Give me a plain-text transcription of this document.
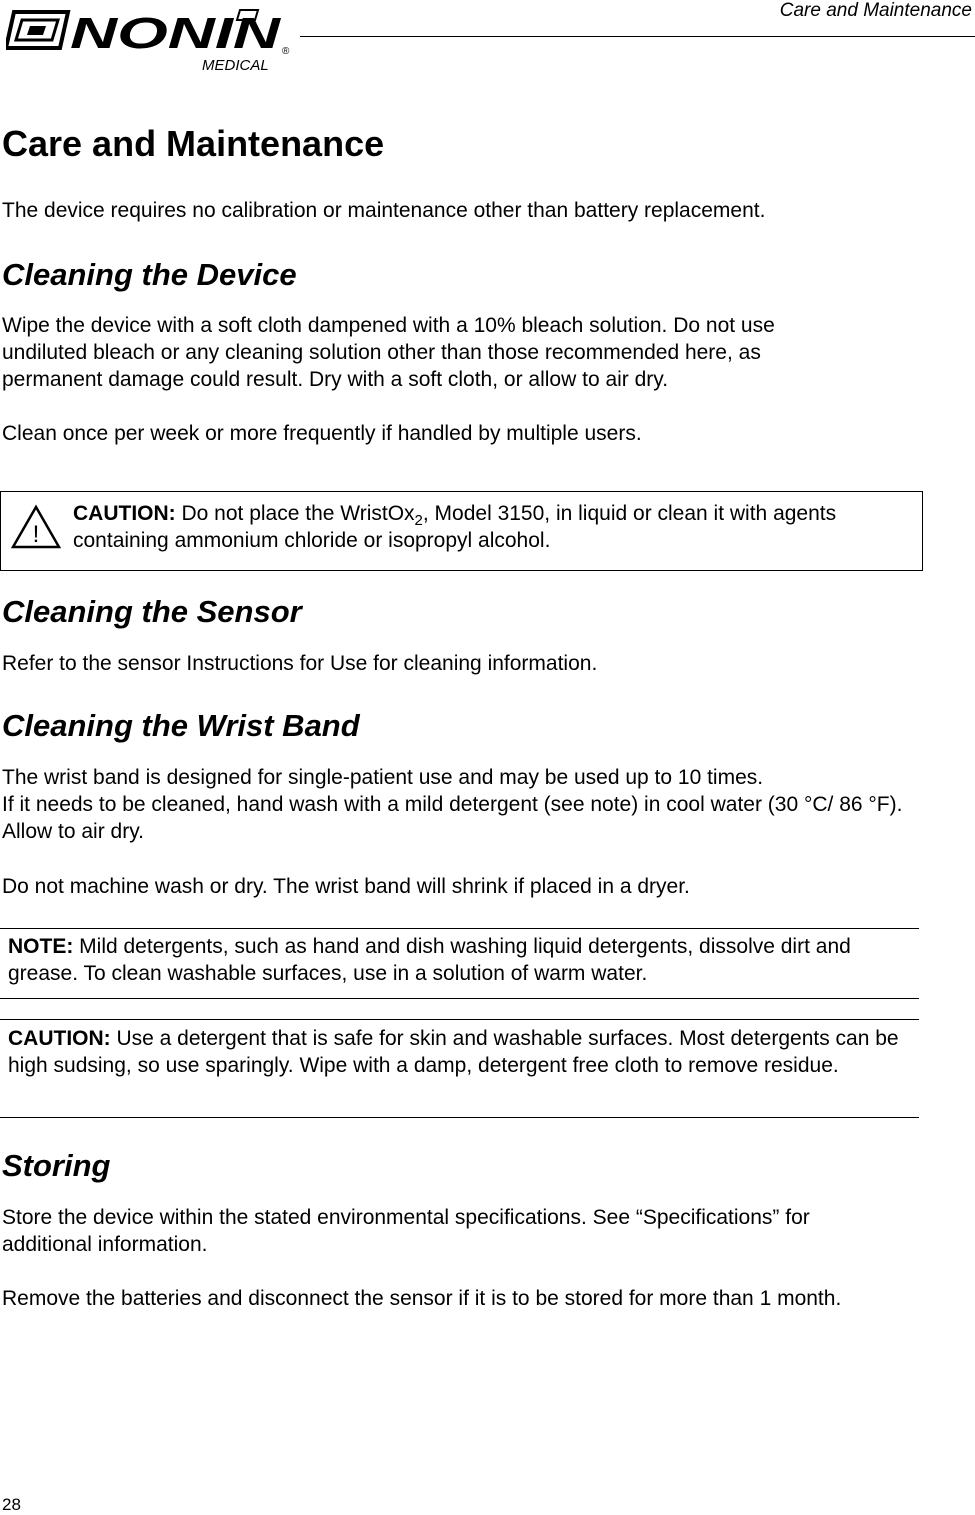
Care and Maintenance
NONIN ®
MEDICAL
Care and Maintenance

The device requires no calibration or maintenance other than battery replacement.

Cleaning the Device

Wipe the device with a soft cloth dampened with a 10% bleach solution. Do not use undiluted bleach or any cleaning solution other than those recommended here, as permanent damage could result. Dry with a soft cloth, or allow to air dry.

Clean once per week or more frequently if handled by multiple users.

!

CAUTION: Do not place the WristOx$_2$, Model 3150, in liquid or clean it with agents containing ammonium chloride or isopropyl alcohol.

Cleaning the Sensor

Refer to the sensor Instructions for Use for cleaning information.

Cleaning the Wrist Band

The wrist band is designed for single-patient use and may be used up to 10 times.

If it needs to be cleaned, hand wash with a mild detergent (see note) in cool water (30 °C/ 86 °F). Allow to air dry.

Do not machine wash or dry. The wrist band will shrink if placed in a dryer.

NOTE: Mild detergents, such as hand and dish washing liquid detergents, dissolve dirt and grease. To clean washable surfaces, use in a solution of warm water.

CAUTION: Use a detergent that is safe for skin and washable surfaces. Most detergents can be high sudsing, so use sparingly. Wipe with a damp, detergent free cloth to remove residue.

Storing

Store the device within the stated environmental specifications. See “Specifications” for additional information.

Remove the batteries and disconnect the sensor if it is to be stored for more than 1 month.

28
